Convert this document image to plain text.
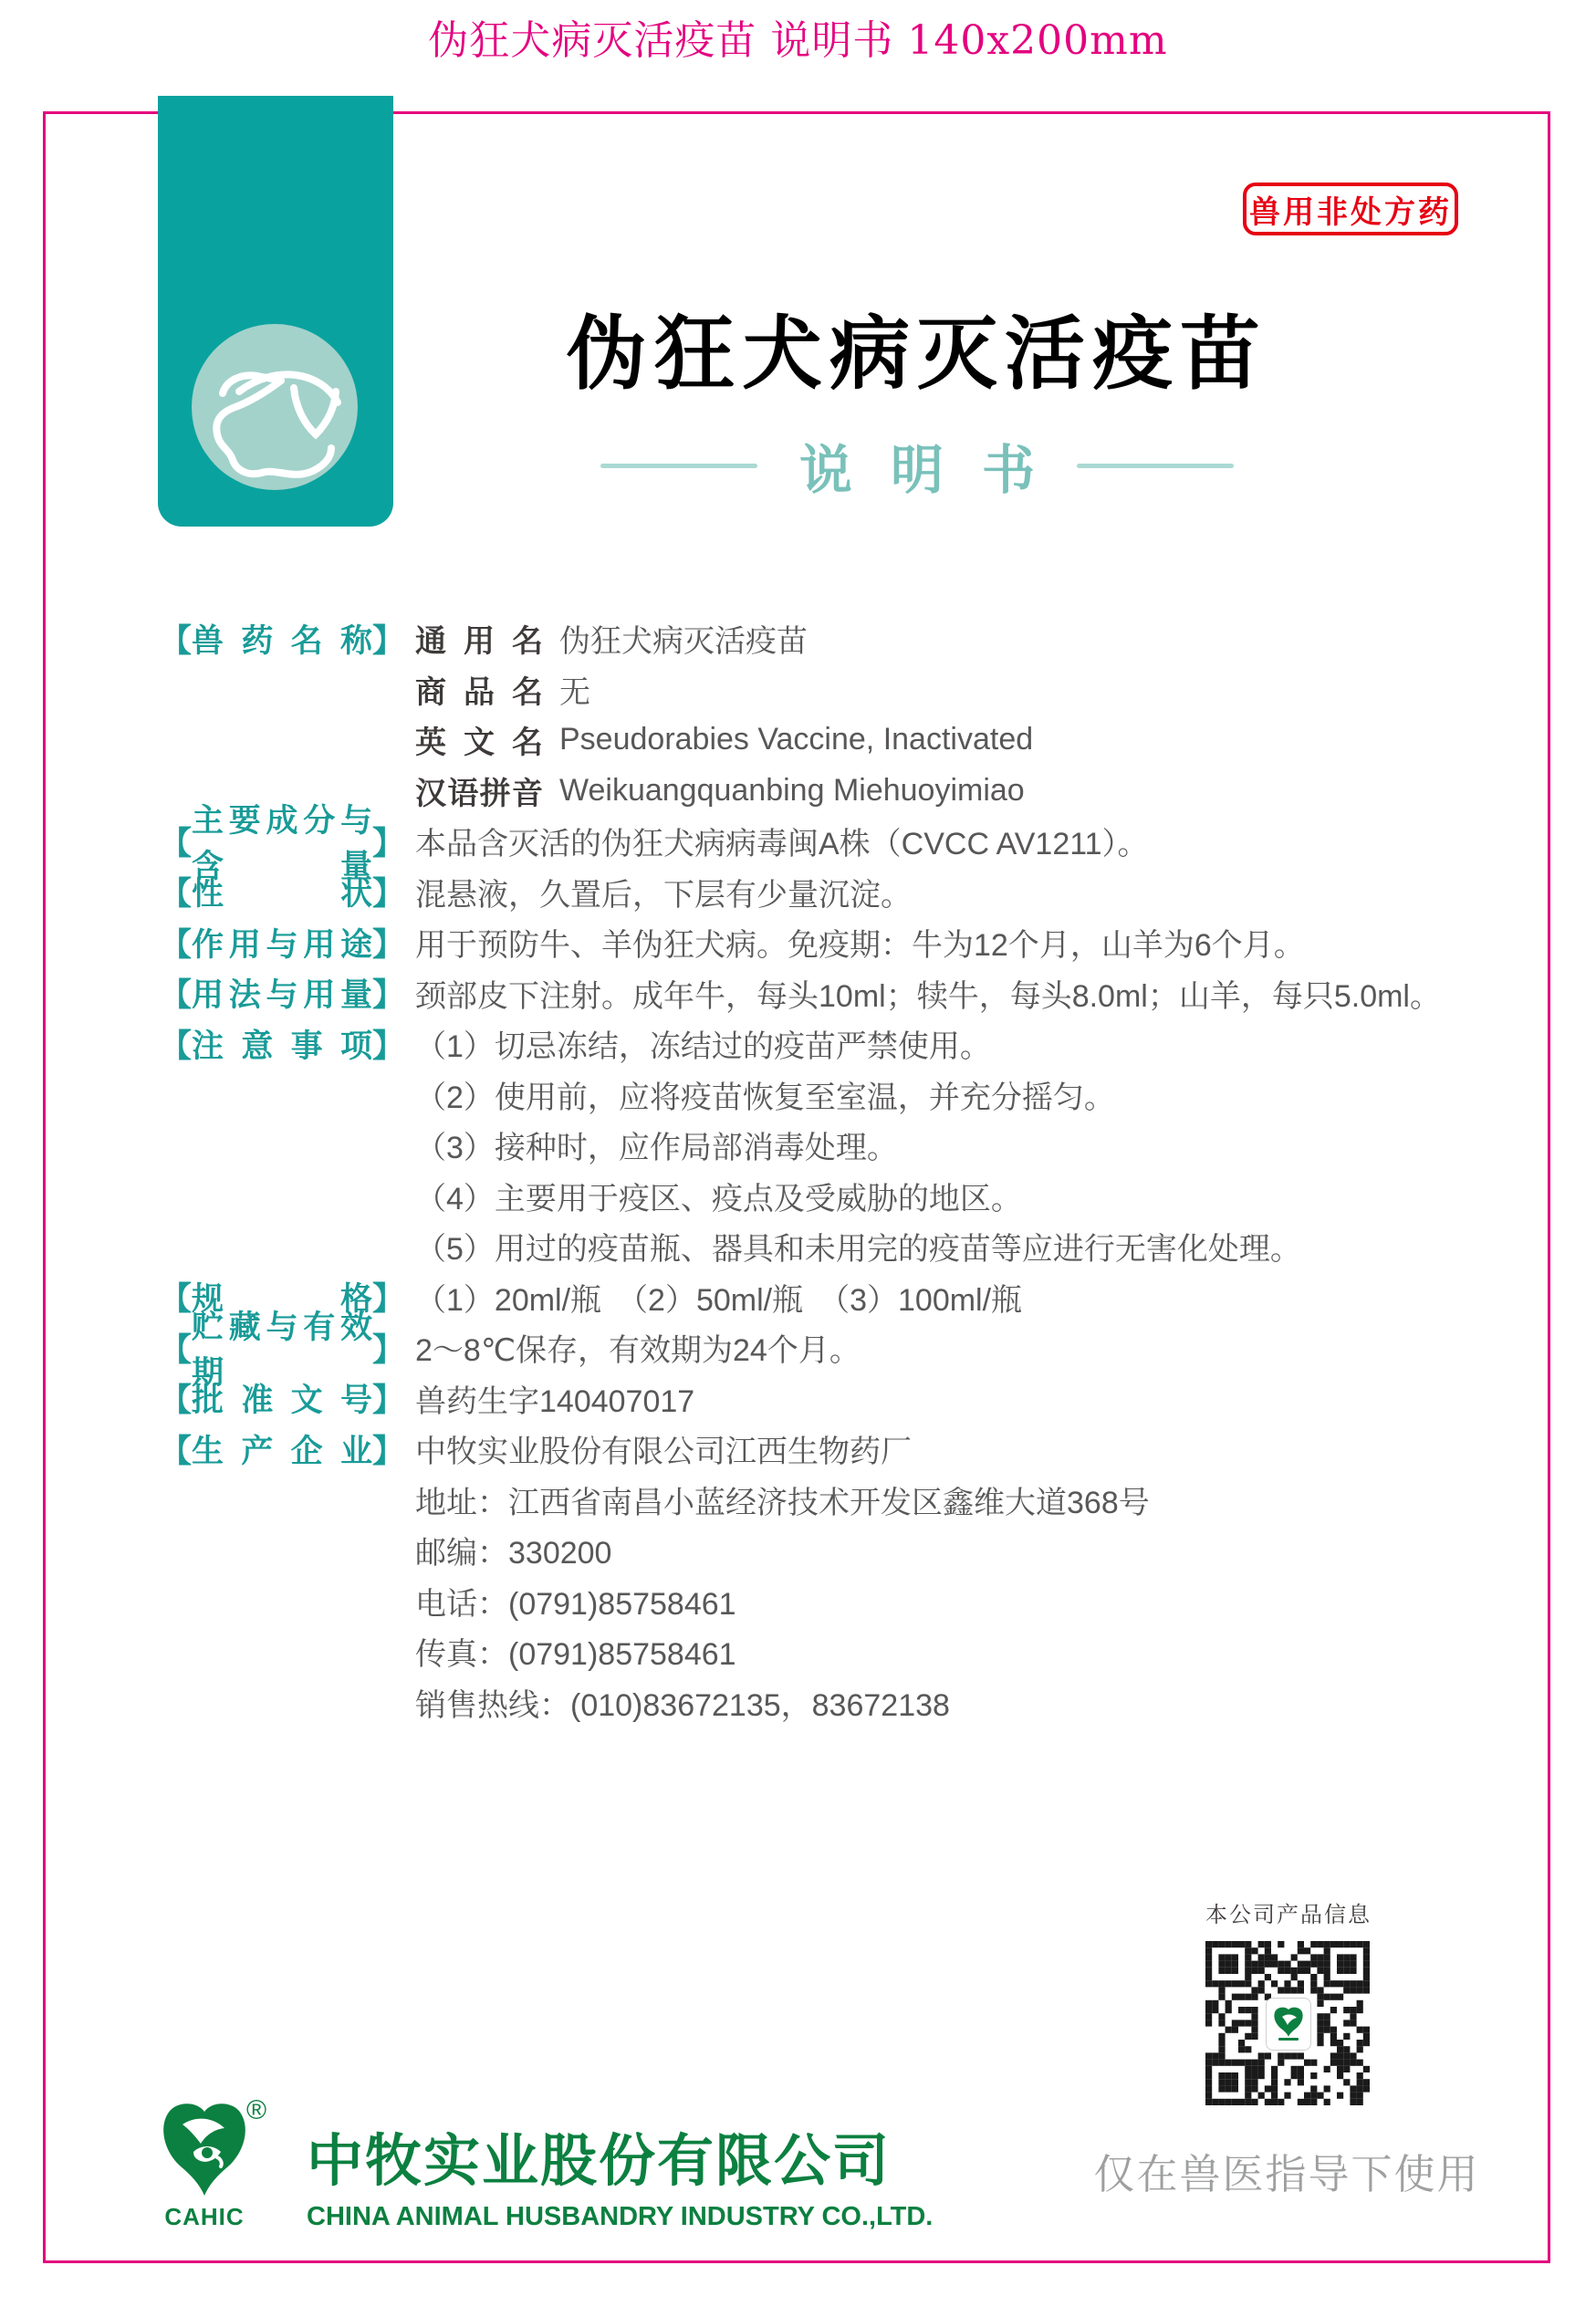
伪狂犬病灭活疫苗 说明书 140x200mm
兽用非处方药
伪狂犬病灭活疫苗
说明书
【 兽药名称 】 通用名 伪狂犬病灭活疫苗
商品名 无
英文名 Pseudorabies Vaccine, Inactivated
汉语拼音 Weikuangquanbing Miehuoyimiao
【
主要成分与含量
】 本品含灭活的伪狂犬病病毒闽A株（CVCC AV1211）。
【 性状 】 混悬液，久置后，下层有少量沉淀。
【 作用与用途 】 用于预防牛、羊伪狂犬病。免疫期：牛为12个月，山羊为6个月。
【 用法与用量 】 颈部皮下注射。成年牛，每头10ml；犊牛，每头8.0ml；山羊，每只5.0ml。
【 注意事项 】 （1）切忌冻结，冻结过的疫苗严禁使用。
（2）使用前，应将疫苗恢复至室温，并充分摇匀。
（3）接种时，应作局部消毒处理。
（4）主要用于疫区、疫点及受威胁的地区。
（5）用过的疫苗瓶、器具和未用完的疫苗等应进行无害化处理。
【 规格 】 （1）20ml/瓶　（2）50ml/瓶　（3）100ml/瓶
【
贮藏与有效期
】 2～8℃保存，有效期为24个月。
【 批准文号 】 兽药生字140407017
【 生产企业 】 中牧实业股份有限公司江西生物药厂
地址：江西省南昌小蓝经济技术开发区鑫维大道368号
邮编：330200
电话：(0791)85758461
传真：(0791)85758461
销售热线：(010)83672135，83672138
本公司产品信息
仅在兽医指导下使用
®
CAHIC
中牧实业股份有限公司
CHINA ANIMAL HUSBANDRY INDUSTRY CO.,LTD.
